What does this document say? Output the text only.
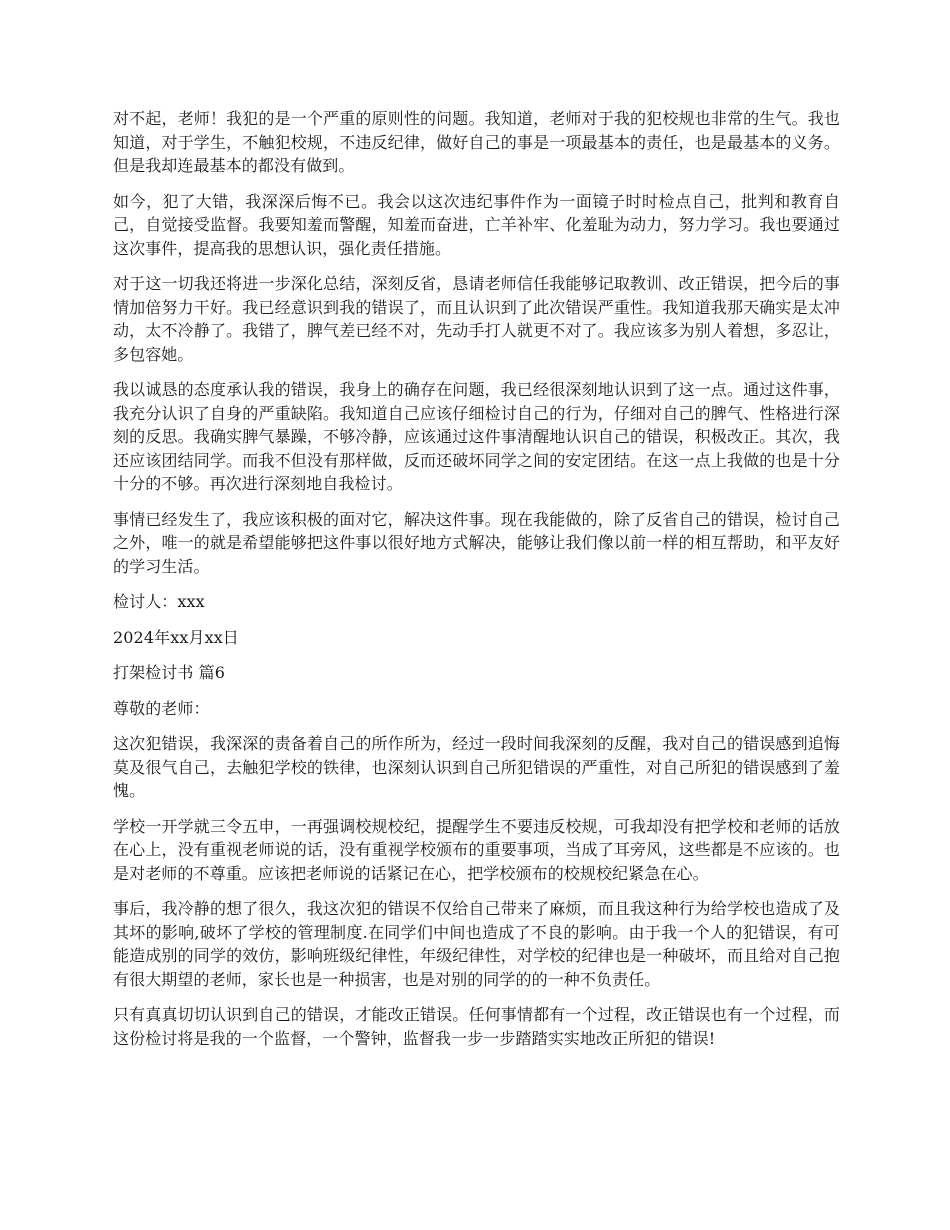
对不起，老师！我犯的是一个严重的原则性的问题。我知道，老师对于我的犯校规也非常的生气。我也知道，对于学生，不触犯校规，不违反纪律，做好自己的事是一项最基本的责任，也是最基本的义务。但是我却连最基本的都没有做到。

如今，犯了大错，我深深后悔不已。我会以这次违纪事件作为一面镜子时时检点自己，批判和教育自己，自觉接受监督。我要知羞而警醒，知羞而奋进，亡羊补牢、化羞耻为动力，努力学习。我也要通过这次事件，提高我的思想认识，强化责任措施。

对于这一切我还将进一步深化总结，深刻反省，恳请老师信任我能够记取教训、改正错误，把今后的事情加倍努力干好。我已经意识到我的错误了，而且认识到了此次错误严重性。我知道我那天确实是太冲动，太不冷静了。我错了，脾气差已经不对，先动手打人就更不对了。我应该多为别人着想，多忍让，多包容她。

我以诚恳的态度承认我的错误，我身上的确存在问题，我已经很深刻地认识到了这一点。通过这件事，我充分认识了自身的严重缺陷。我知道自己应该仔细检讨自己的行为，仔细对自己的脾气、性格进行深刻的反思。我确实脾气暴躁，不够冷静，应该通过这件事清醒地认识自己的错误，积极改正。其次，我还应该团结同学。而我不但没有那样做，反而还破坏同学之间的安定团结。在这一点上我做的也是十分十分的不够。再次进行深刻地自我检讨。

事情已经发生了，我应该积极的面对它，解决这件事。现在我能做的，除了反省自己的错误，检讨自己之外，唯一的就是希望能够把这件事以很好地方式解决，能够让我们像以前一样的相互帮助，和平友好的学习生活。

检讨人：xxx

2024年xx月xx日

打架检讨书 篇6

尊敬的老师：

这次犯错误，我深深的责备着自己的所作所为，经过一段时间我深刻的反醒，我对自己的错误感到追悔莫及很气自己，去触犯学校的铁律，也深刻认识到自己所犯错误的严重性，对自己所犯的错误感到了羞愧。

学校一开学就三令五申，一再强调校规校纪，提醒学生不要违反校规，可我却没有把学校和老师的话放在心上，没有重视老师说的话，没有重视学校颁布的重要事项，当成了耳旁风，这些都是不应该的。也是对老师的不尊重。应该把老师说的话紧记在心，把学校颁布的校规校纪紧急在心。

事后，我冷静的想了很久，我这次犯的错误不仅给自己带来了麻烦，而且我这种行为给学校也造成了及其坏的影响,破坏了学校的管理制度.在同学们中间也造成了不良的影响。由于我一个人的犯错误，有可能造成别的同学的效仿，影响班级纪律性，年级纪律性，对学校的纪律也是一种破坏，而且给对自己抱有很大期望的老师，家长也是一种损害，也是对别的同学的的一种不负责任。

只有真真切切认识到自己的错误，才能改正错误。任何事情都有一个过程，改正错误也有一个过程，而这份检讨将是我的一个监督，一个警钟，监督我一步一步踏踏实实地改正所犯的错误!
